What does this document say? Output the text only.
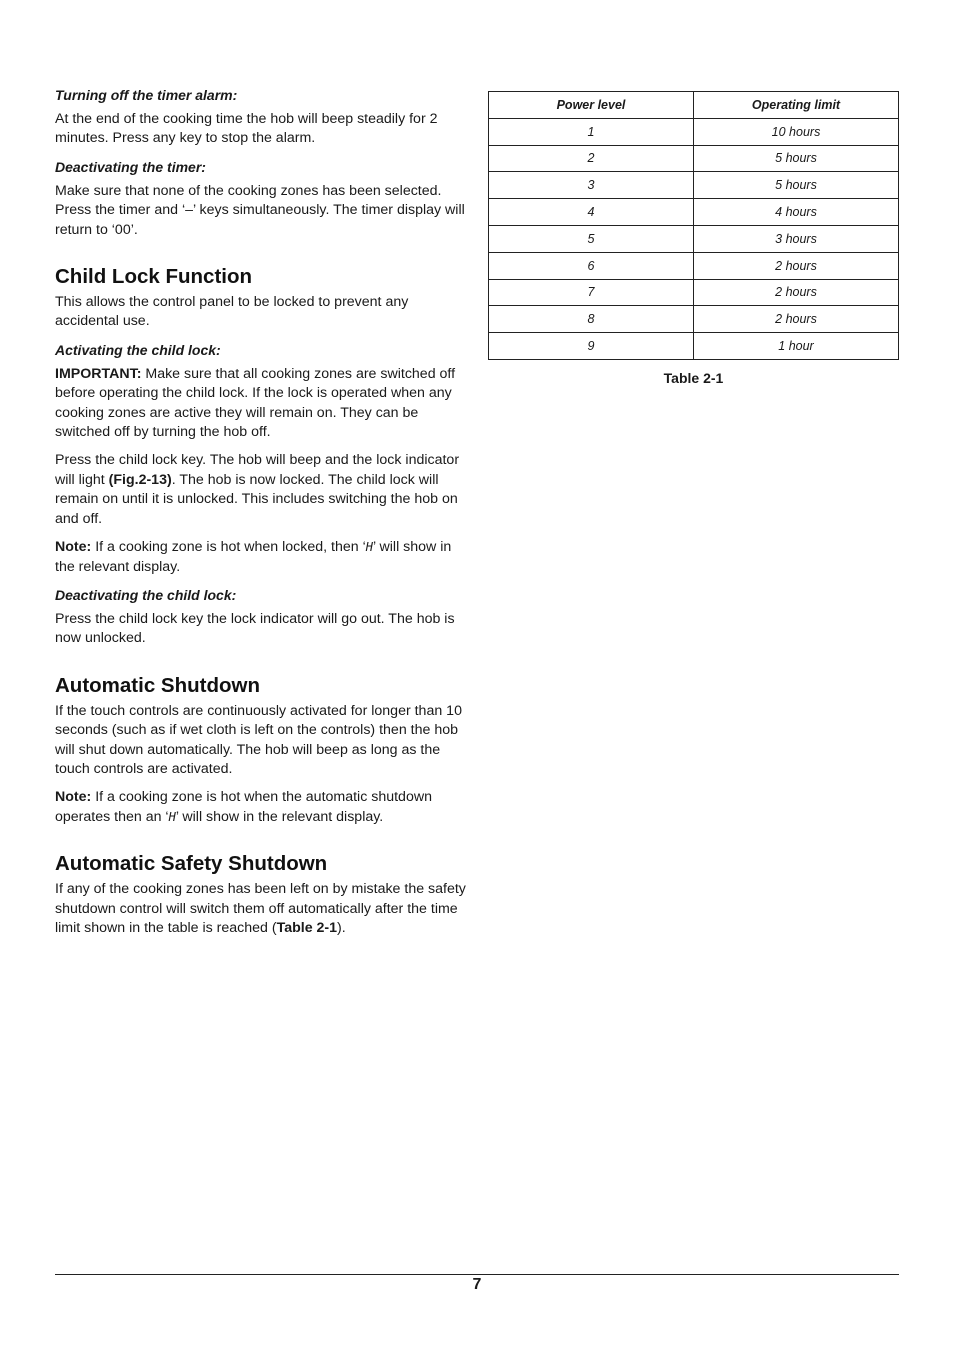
Turning off the timer alarm:

At the end of the cooking time the hob will beep steadily for 2 minutes. Press any key to stop the alarm.

Deactivating the timer:

Make sure that none of the cooking zones has been selected. Press the timer and ‘–’ keys simultaneously. The timer display will return to ‘00’.

Child Lock Function

This allows the control panel to be locked to prevent any accidental use.

Activating the child lock:

IMPORTANT: Make sure that all cooking zones are switched off before operating the child lock. If the lock is operated when any cooking zones are active they will remain on. They can be switched off by turning the hob off.

Press the child lock key. The hob will beep and the lock indicator will light (Fig.2-13). The hob is now locked. The child lock will remain on until it is unlocked. This includes switching the hob on and off.

Note: If a cooking zone is hot when locked, then ‘H’ will show in the relevant display.

Deactivating the child lock:

Press the child lock key the lock indicator will go out. The hob is now unlocked.

Automatic Shutdown

If the touch controls are continuously activated for longer than 10 seconds (such as if wet cloth is left on the controls) then the hob will shut down automatically. The hob will beep as long as the touch controls are activated.

Note: If a cooking zone is hot when the automatic shutdown operates then an ‘H’ will show in the relevant display.

Automatic Safety Shutdown

If any of the cooking zones has been left on by mistake the safety shutdown control will switch them off automatically after the time limit shown in the table is reached (Table 2-1).

Power level	Operating limit
1	10 hours
2	5 hours
3	5 hours
4	4 hours
5	3 hours
6	2 hours
7	2 hours
8	2 hours
9	1 hour
Table 2-1
7
